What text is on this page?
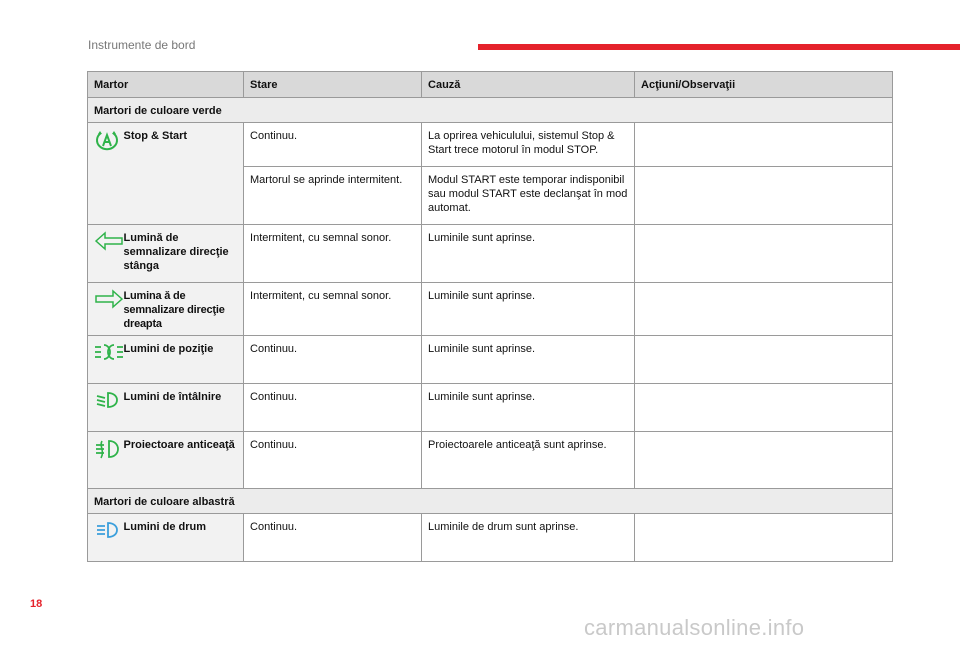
Instrumente de bord
Martor		Stare	Cauză	Acţiuni/Observaţii
Martori de culoare verde				

	Stop & Start	Continuu.	La oprirea vehiculului, sistemul Stop & Start trece motorul în modul STOP.	
		Martorul se aprinde intermitent.	Modul START este temporar indisponibil sau modul START este declanşat în mod automat.	

	Lumină de semnalizare direcţie stânga	Intermitent, cu semnal sonor.	Luminile sunt aprinse.	

	Lumina ă de semnalizare direcţie dreapta	Intermitent, cu semnal sonor.	Luminile sunt aprinse.	

	Lumini de poziţie	Continuu.	Luminile sunt aprinse.	

	Lumini de întâlnire	Continuu.	Luminile sunt aprinse.	

	Proiectoare anticeaţă	Continuu.	Proiectoarele anticeaţă sunt aprinse.	
Martori de culoare albastră				

	Lumini de drum	Continuu.	Luminile de drum sunt aprinse.	
18
carmanualsonline.info
